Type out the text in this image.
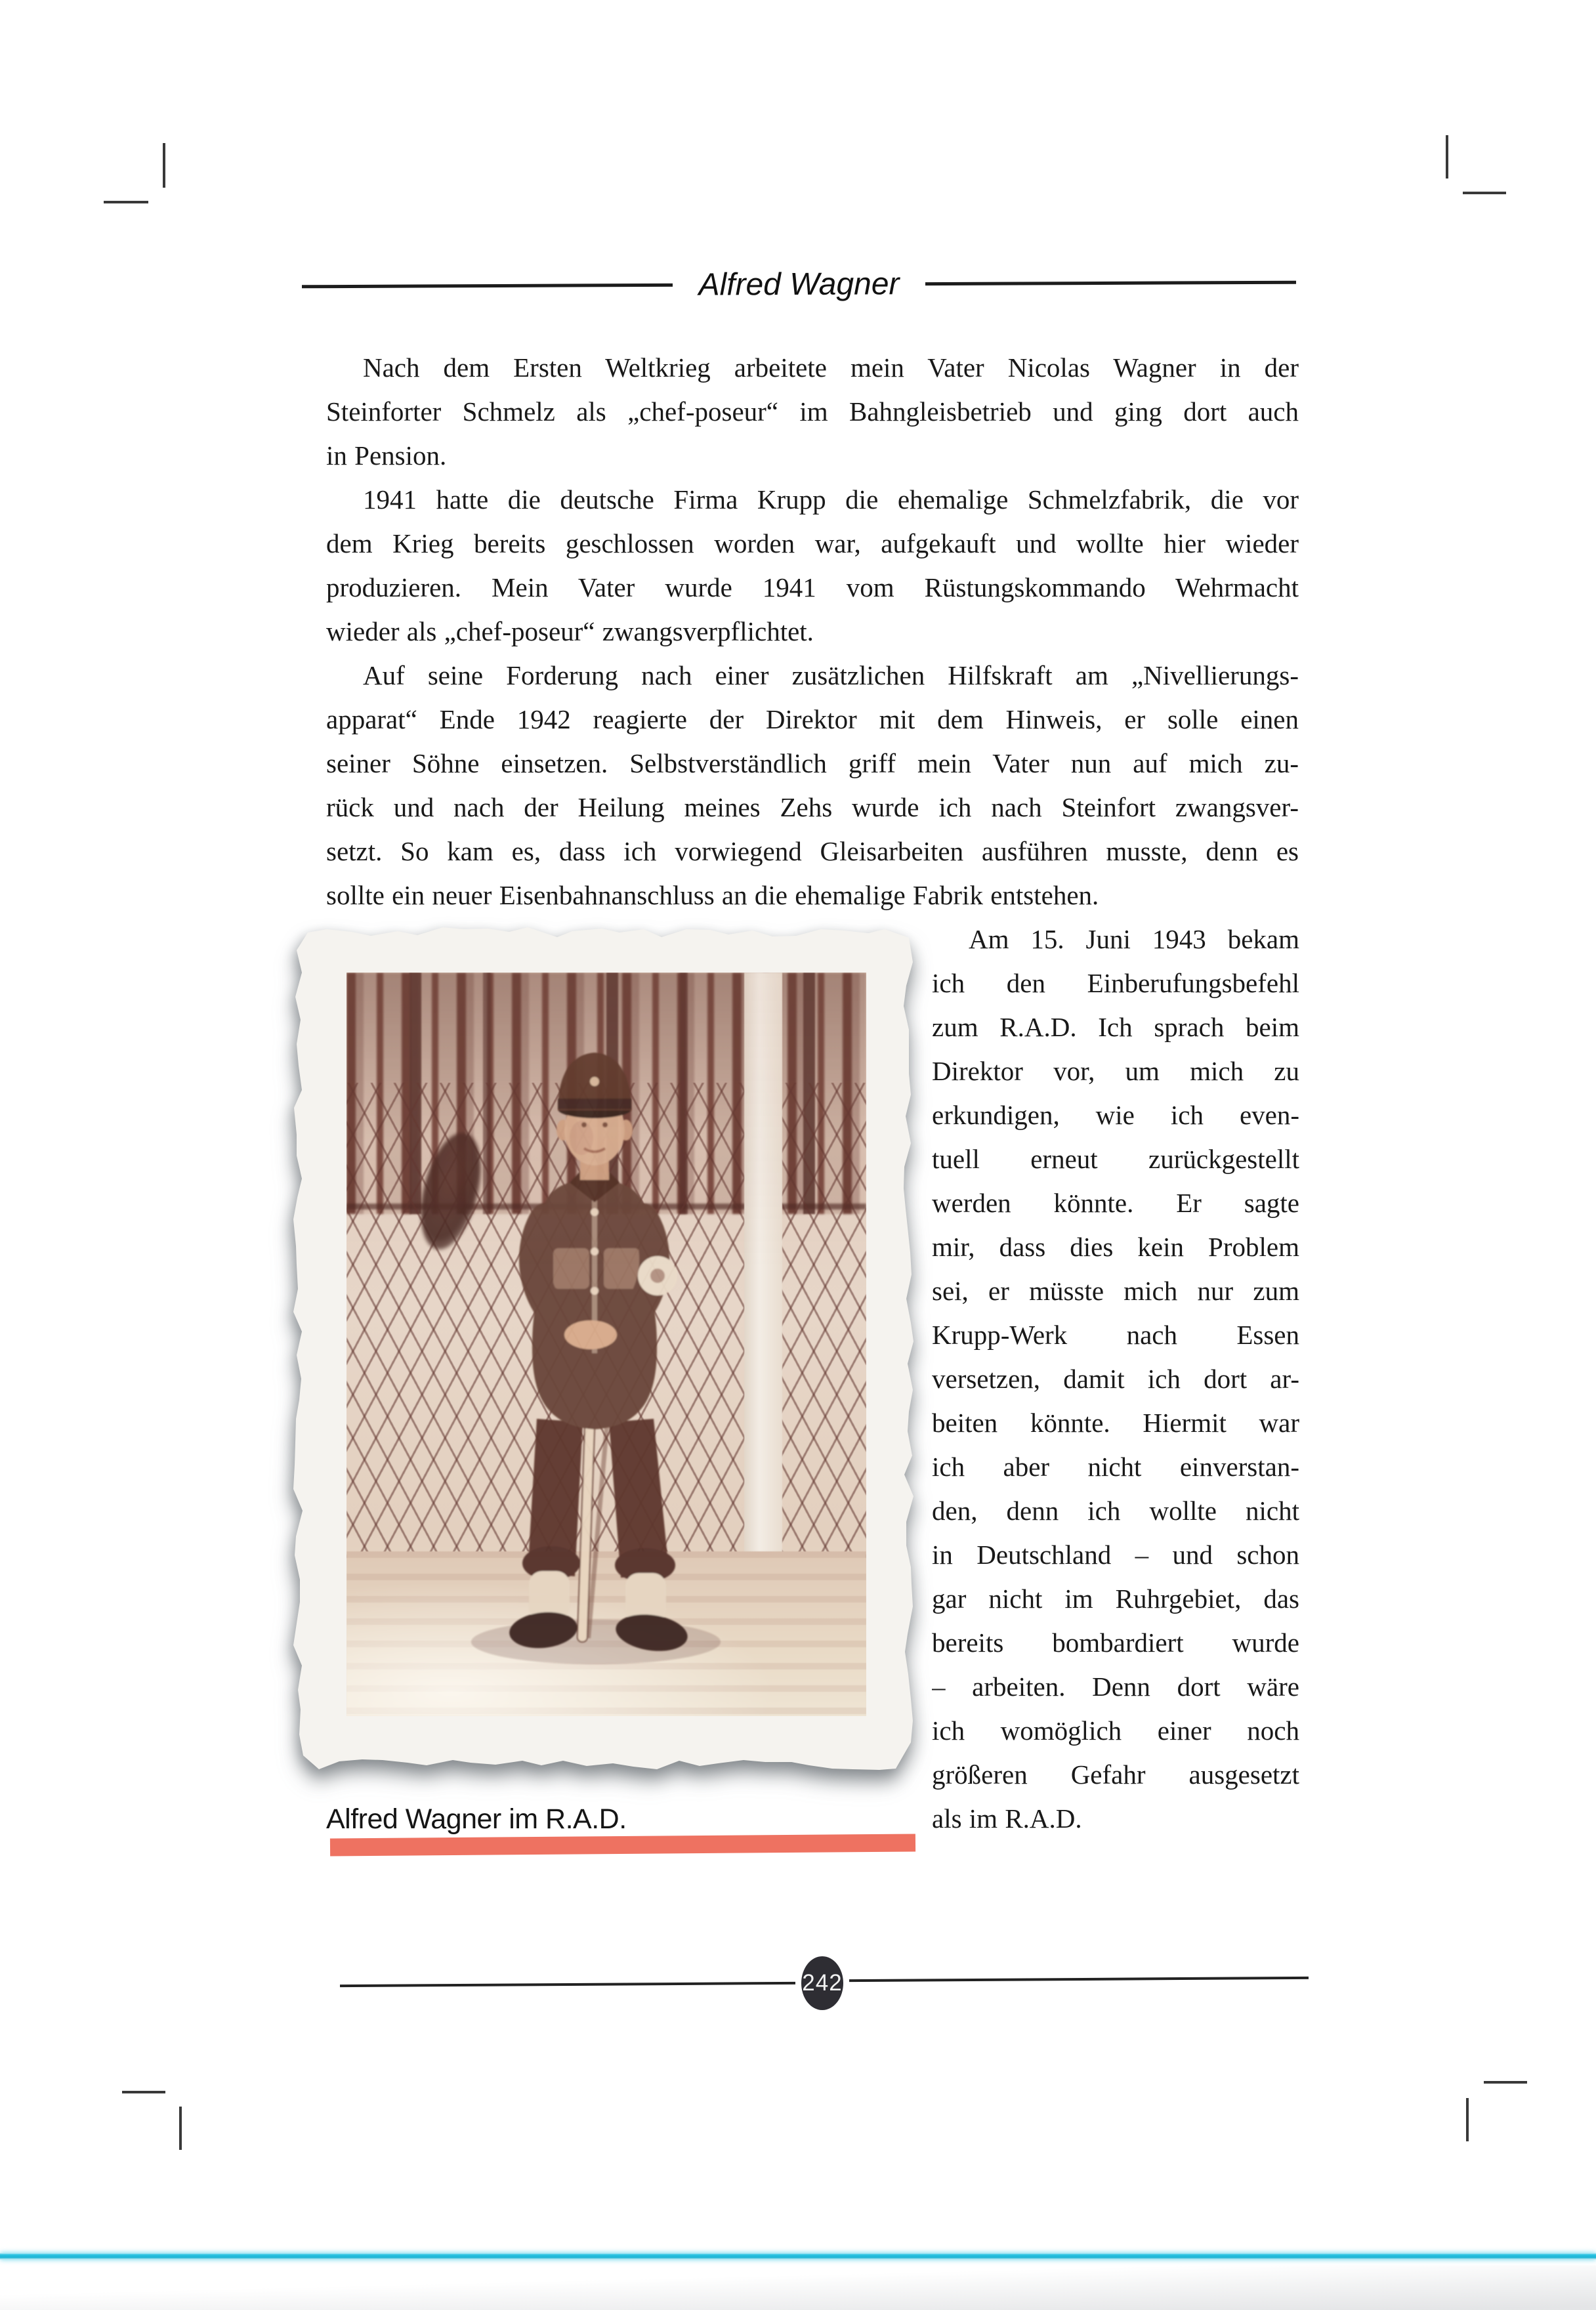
Alfred Wagner
Nach dem Ersten Weltkrieg arbeitete mein Vater Nicolas Wagner in der
Steinforter Schmelz als „chef-poseur“ im Bahngleisbetrieb und ging dort auch
in Pension.
1941 hatte die deutsche Firma Krupp die ehemalige Schmelzfabrik, die vor
dem Krieg bereits geschlossen worden war, aufgekauft und wollte hier wieder
produzieren. Mein Vater wurde 1941 vom Rüstungskommando Wehrmacht
wieder als „chef-poseur“ zwangsverpflichtet.
Auf seine Forderung nach einer zusätzlichen Hilfskraft am „Nivellierungs-
apparat“ Ende 1942 reagierte der Direktor mit dem Hinweis, er solle einen
seiner Söhne einsetzen. Selbstverständlich griff mein Vater nun auf mich zu-
rück und nach der Heilung meines Zehs wurde ich nach Steinfort zwangsver-
setzt. So kam es, dass ich vorwiegend Gleisarbeiten ausführen musste, denn es
sollte ein neuer Eisenbahnanschluss an die ehemalige Fabrik entstehen.
Am 15. Juni 1943 bekam
ich den Einberufungsbefehl
zum R.A.D. Ich sprach beim
Direktor vor, um mich zu
erkundigen, wie ich even-
tuell erneut zurückgestellt
werden könnte. Er sagte
mir, dass dies kein Problem
sei, er müsste mich nur zum
Krupp-Werk nach Essen
versetzen, damit ich dort ar-
beiten könnte. Hiermit war
ich aber nicht einverstan-
den, denn ich wollte nicht
in Deutschland – und schon
gar nicht im Ruhrgebiet, das
bereits bombardiert wurde
– arbeiten. Denn dort wäre
ich womöglich einer noch
größeren Gefahr ausgesetzt
als im R.A.D.
Alfred Wagner im R.A.D.
242
